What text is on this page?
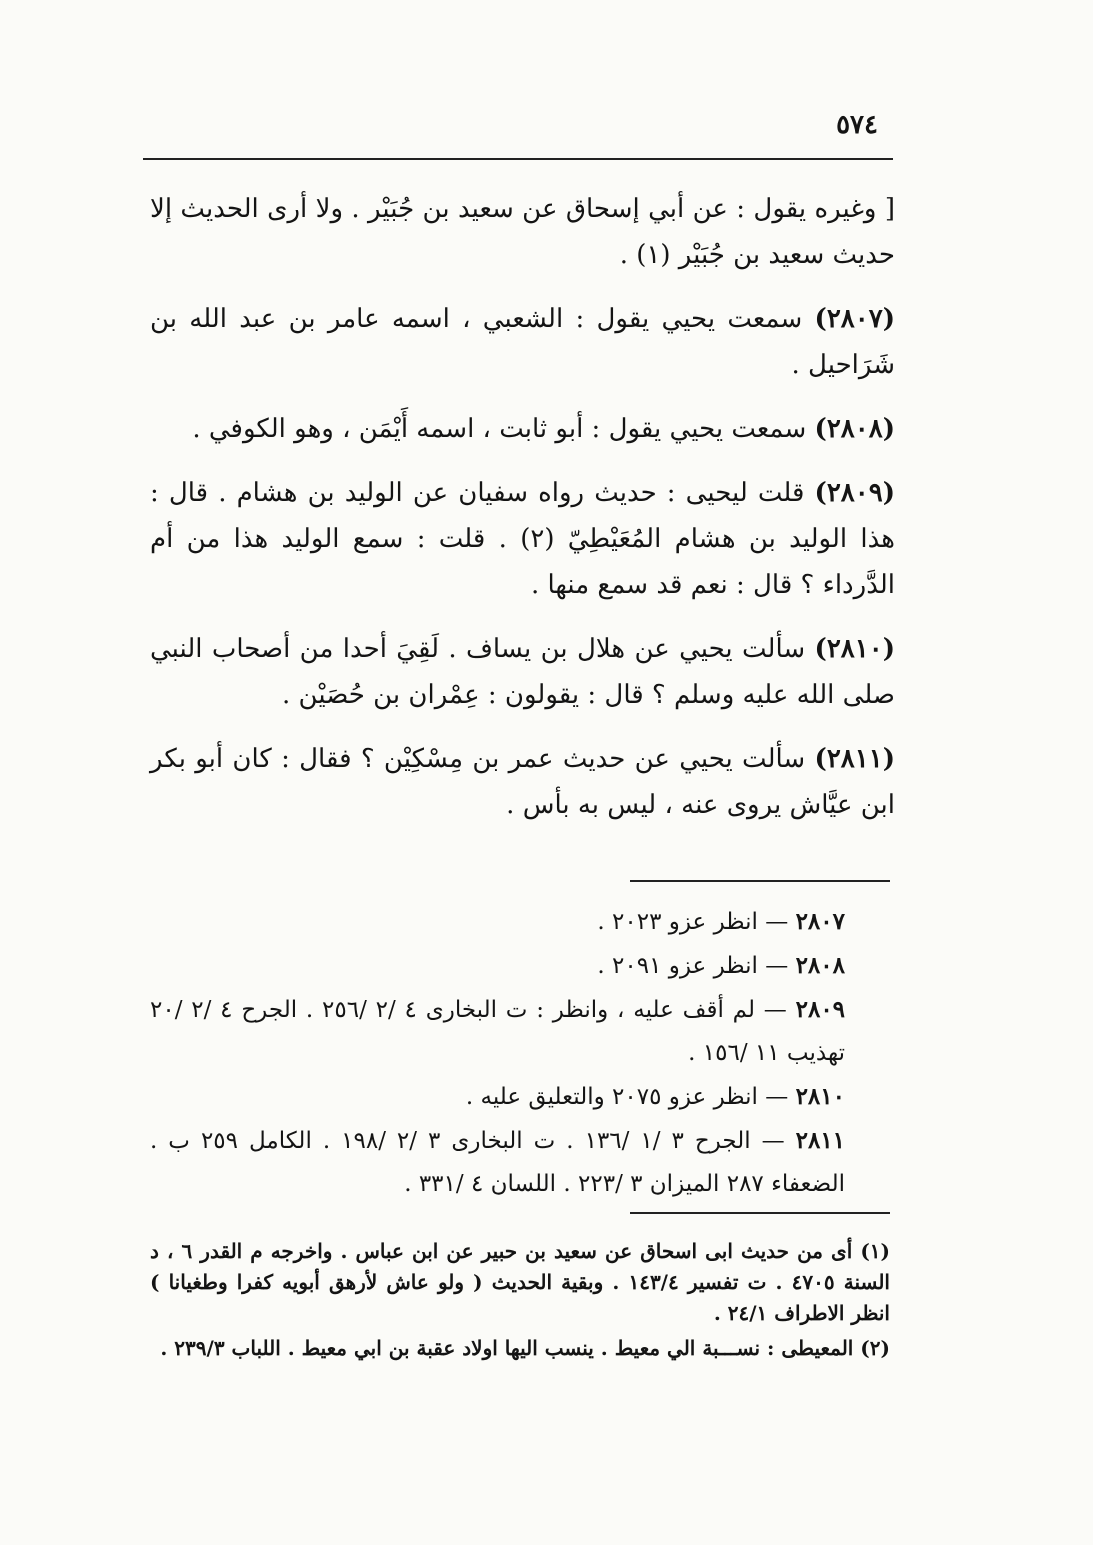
٥٧٤

[ وغيره يقول : عن أبي إسحاق عن سعيد بن جُبَيْر . ولا أرى الحديث إلا حديث سعيد بن جُبَيْر (١) .

(٢٨٠٧) سمعت يحيي يقول : الشعبي ، اسمه عامر بن عبد الله بن شَرَاحيل .

(٢٨٠٨) سمعت يحيي يقول : أبو ثابت ، اسمه أَيْمَن ، وهو الكوفي .

(٢٨٠٩) قلت ليحيى : حديث رواه سفيان عن الوليد بن هشام . قال : هذا الوليد بن هشام المُعَيْطِيّ (٢) . قلت : سمع الوليد هذا من أم الدَّرداء ؟ قال : نعم قد سمع منها .

(٢٨١٠) سألت يحيي عن هلال بن يساف . لَقِيَ أحدا من أصحاب النبي صلى الله عليه وسلم ؟ قال : يقولون : عِمْران بن حُصَيْن .

(٢٨١١) سألت يحيي عن حديث عمر بن مِسْكِيْن ؟ فقال : كان أبو بكر ابن عيَّاش يروى عنه ، ليس به بأس .

٢٨٠٧ — انظر عزو ٢٠٢٣ .

٢٨٠٨ — انظر عزو ٢٠٩١ .

٢٨٠٩ — لم أقف عليه ، وانظر : ت البخارى ٤ /٢ /٢٥٦ . الجرح ٤ /٢ /٢٠ تهذيب ١١ /١٥٦ .

٢٨١٠ — انظر عزو ٢٠٧٥ والتعليق عليه .

٢٨١١ — الجرح ٣ /١ /١٣٦ . ت البخارى ٣ /٢ /١٩٨ . الكامل ٢٥٩ ب . الضعفاء ٢٨٧ الميزان ٣ /٢٢٣ . اللسان ٤ /٣٣١ .

(١) أى من حديث ابى اسحاق عن سعيد بن حبير عن ابن عباس . واخرجه م القدر ٦ ، د السنة ٤٧٠٥ . ت تفسير ١٤٣/٤ . وبقية الحديث ( ولو عاش لأرهق أبويه كفرا وطغيانا ) انظر الاطراف ٢٤/١ .

(٢) المعيطى : نســـبة الي معيط . ينسب اليها اولاد عقبة بن ابي معيط . اللباب ٢٣٩/٣ .
